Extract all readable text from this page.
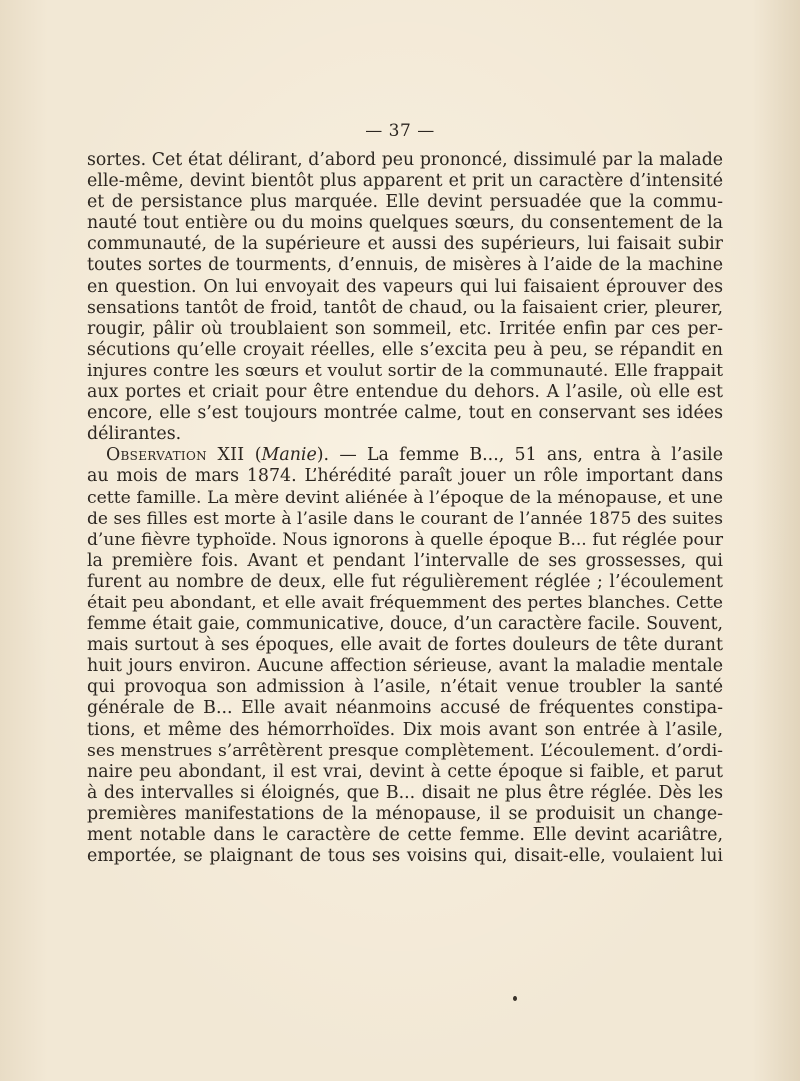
— 37 —
sortes. Cet état délirant, d’abord peu prononcé, dissimulé par la malade
elle-même, devint bientôt plus apparent et prit un caractère d’intensité
et de persistance plus marquée. Elle devint persuadée que la commu-
nauté tout entière ou du moins quelques sœurs, du consentement de la
communauté, de la supérieure et aussi des supérieurs, lui faisait subir
toutes sortes de tourments, d’ennuis, de misères à l’aide de la machine
en question. On lui envoyait des vapeurs qui lui faisaient éprouver des
sensations tantôt de froid, tantôt de chaud, ou la faisaient crier, pleurer,
rougir, pâlir où troublaient son sommeil, etc. Irritée enfin par ces per-
sécutions qu’elle croyait réelles, elle s’excita peu à peu, se répandit en
injures contre les sœurs et voulut sortir de la communauté. Elle frappait
aux portes et criait pour être entendue du dehors. A l’asile, où elle est
encore, elle s’est toujours montrée calme, tout en conservant ses idées
délirantes.
Observation XII (Manie). — La femme B..., 51 ans, entra à l’asile
au mois de mars 1874. L’hérédité paraît jouer un rôle important dans
cette famille. La mère devint aliénée à l’époque de la ménopause, et une
de ses filles est morte à l’asile dans le courant de l’année 1875 des suites
d’une fièvre typhoïde. Nous ignorons à quelle époque B... fut réglée pour
la première fois. Avant et pendant l’intervalle de ses grossesses, qui
furent au nombre de deux, elle fut régulièrement réglée ; l’écoulement
était peu abondant, et elle avait fréquemment des pertes blanches. Cette
femme était gaie, communicative, douce, d’un caractère facile. Souvent,
mais surtout à ses époques, elle avait de fortes douleurs de tête durant
huit jours environ. Aucune affection sérieuse, avant la maladie mentale
qui provoqua son admission à l’asile, n’était venue troubler la santé
générale de B... Elle avait néanmoins accusé de fréquentes constipa-
tions, et même des hémorrhoïdes. Dix mois avant son entrée à l’asile,
ses menstrues s’arrêtèrent presque complètement. L’écoulement. d’ordi-
naire peu abondant, il est vrai, devint à cette époque si faible, et parut
à des intervalles si éloignés, que B... disait ne plus être réglée. Dès les
premières manifestations de la ménopause, il se produisit un change-
ment notable dans le caractère de cette femme. Elle devint acariâtre,
emportée, se plaignant de tous ses voisins qui, disait-elle, voulaient lui
